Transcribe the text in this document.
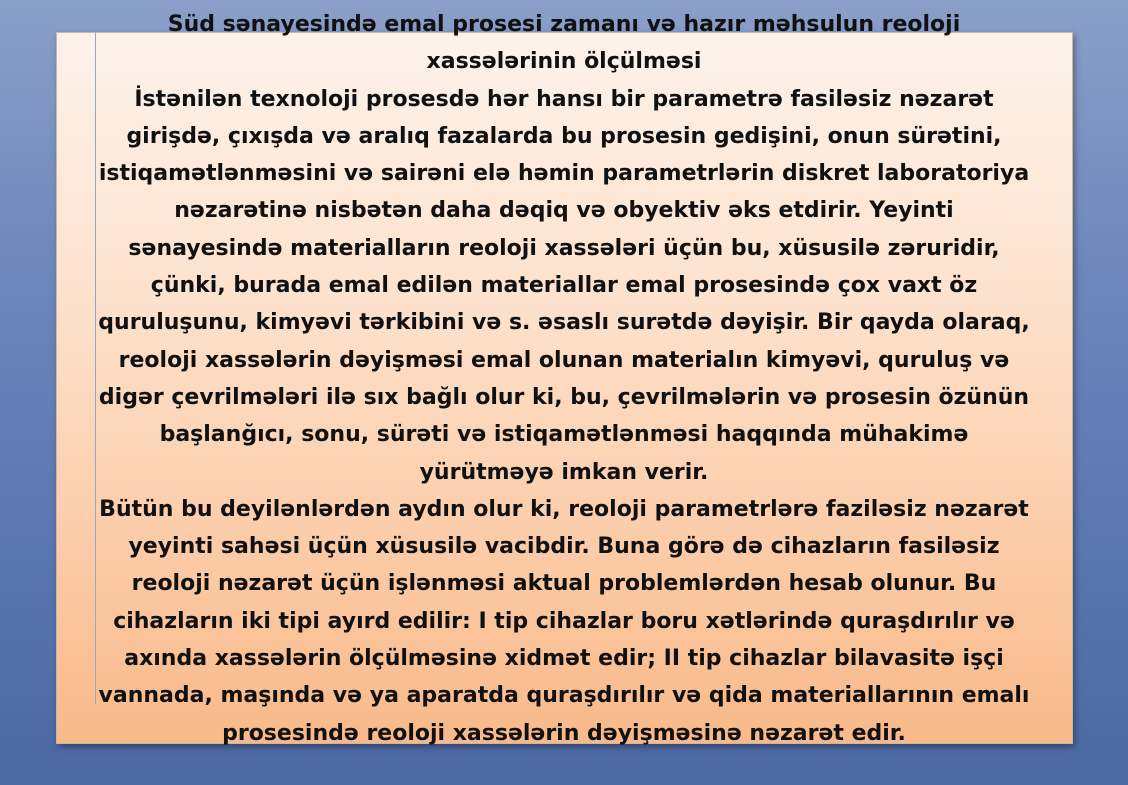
Süd sənayesində emal prosesi zamanı və hazır məhsulun reoloji
xassələrinin ölçülməsi

İstənilən texnoloji prosesdə hər hansı bir parametrə fasiləsiz nəzarət
girişdə, çıxışda və aralıq fazalarda bu prosesin gedişini, onun sürətini,
istiqamətlənməsini və sairəni elə həmin parametrlərin diskret laboratoriya
nəzarətinə nisbətən daha dəqiq və obyektiv əks etdirir. Yeyinti
sənayesində materialların reoloji xassələri üçün bu, xüsusilə zəruridir,
çünki, burada emal edilən materiallar emal prosesində çox vaxt öz
quruluşunu, kimyəvi tərkibini və s. əsaslı surətdə dəyişir. Bir qayda olaraq,
reoloji xassələrin dəyişməsi emal olunan materialın kimyəvi, quruluş və
digər çevrilmələri ilə sıx bağlı olur ki, bu, çevrilmələrin və prosesin özünün
başlanğıcı, sonu, sürəti və istiqamətlənməsi haqqında mühakimə
yürütməyə imkan verir.

Bütün bu deyilənlərdən aydın olur ki, reoloji parametrlərə fazilәsiz nəzarət
yeyinti sahəsi üçün xüsusilə vacibdir. Buna görə də cihazların fasiləsiz
reoloji nəzarət üçün işlənməsi aktual problemlərdən hesab olunur. Bu
cihazların iki tipi ayırd edilir: I tip cihazlar boru xətlərində quraşdırılır və
axında xassələrin ölçülməsinə xidmət edir; II tip cihazlar bilavasitə işçi
vannada, maşında və ya aparatda quraşdırılır və qida materiallarının emalı
prosesində reoloji xassələrin dəyişməsinə nəzarət edir.
